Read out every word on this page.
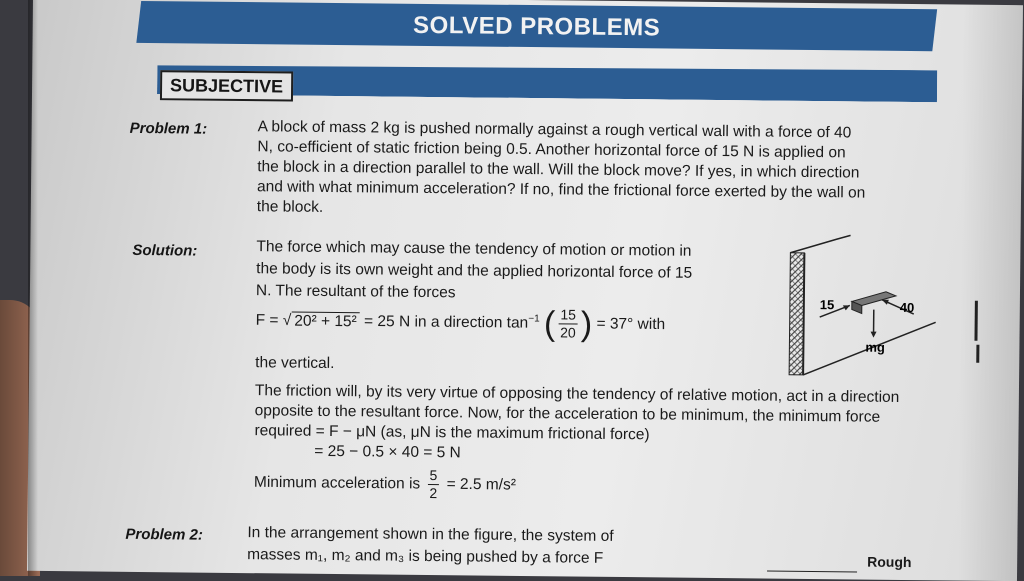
SOLVED PROBLEMS
SUBJECTIVE
Problem 1:	A block of mass 2 kg is pushed normally against a rough vertical wall with a force of 40
N, co-efficient of static friction being 0.5. Another horizontal force of 15 N is applied on
the block in a direction parallel to the wall. Will the block move? If yes, in which direction
and with what minimum acceleration? If no, find the frictional force exerted by the wall on
the block.
Solution:	The force which may cause the tendency of motion or motion in
the body is its own weight and the applied horizontal force of 15
N. The resultant of the forces
F = √ 20² + 15² = 25 N in a direction $\tan^{-1}$ ( $\frac{15}{20}$ ) = 37° with
the vertical.
The friction will, by its very virtue of opposing the tendency of relative motion, act in a direction
opposite to the resultant force. Now, for the acceleration to be minimum, the minimum force
required = F − μN (as, μN is the maximum frictional force)
= 25 − 0.5 × 40 = 5 N
Minimum acceleration is $\frac{5}{2} = 2.5$ m/s²
15	40
mg
Problem 2:	In the arrangement shown in the figure, the system of
masses m₁, m₂ and m₃ is being pushed by a force F	Rough
